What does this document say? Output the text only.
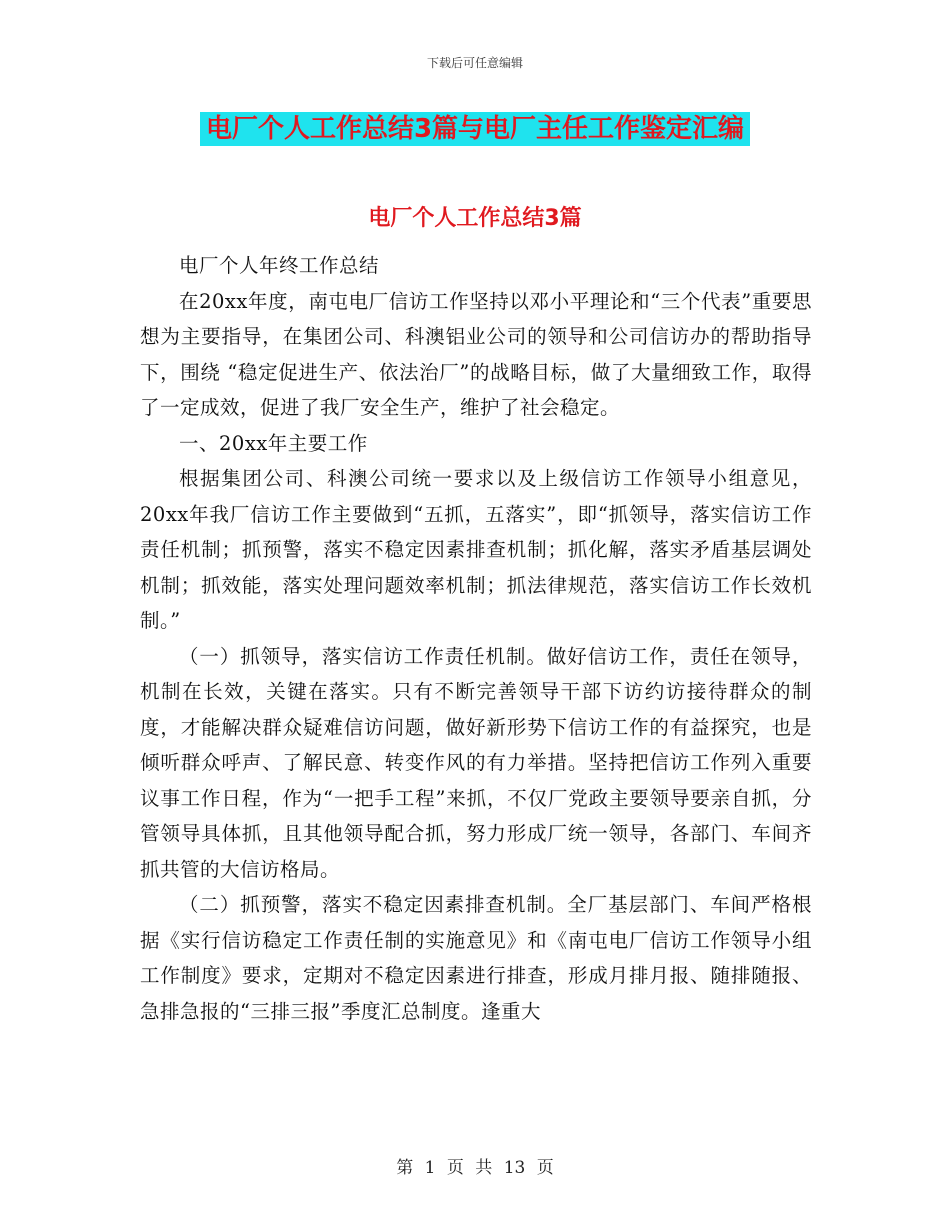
下载后可任意编辑
电厂个人工作总结3篇与电厂主任工作鉴定汇编
电厂个人工作总结3篇

电厂个人年终工作总结

在20xx年度，南屯电厂信访工作坚持以邓小平理论和“三个代表”重要思想为主要指导，在集团公司、科澳铝业公司的领导和公司信访办的帮助指导下，围绕 “稳定促进生产、依法治厂”的战略目标，做了大量细致工作，取得了一定成效，促进了我厂安全生产，维护了社会稳定。

一、20xx年主要工作

根据集团公司、科澳公司统一要求以及上级信访工作领导小组意见，20xx年我厂信访工作主要做到“五抓，五落实”，即“抓领导，落实信访工作责任机制；抓预警，落实不稳定因素排查机制；抓化解，落实矛盾基层调处机制；抓效能，落实处理问题效率机制；抓法律规范，落实信访工作长效机制。”

（一）抓领导，落实信访工作责任机制。做好信访工作，责任在领导，机制在长效，关键在落实。只有不断完善领导干部下访约访接待群众的制度，才能解决群众疑难信访问题，做好新形势下信访工作的有益探究，也是倾听群众呼声、了解民意、转变作风的有力举措。坚持把信访工作列入重要议事工作日程，作为“一把手工程”来抓，不仅厂党政主要领导要亲自抓，分管领导具体抓，且其他领导配合抓，努力形成厂统一领导，各部门、车间齐抓共管的大信访格局。

（二）抓预警，落实不稳定因素排查机制。全厂基层部门、车间严格根据《实行信访稳定工作责任制的实施意见》和《南屯电厂信访工作领导小组工作制度》要求，定期对不稳定因素进行排查，形成月排月报、随排随报、急排急报的“三排三报”季度汇总制度。逢重大

第 1 页 共 13 页
